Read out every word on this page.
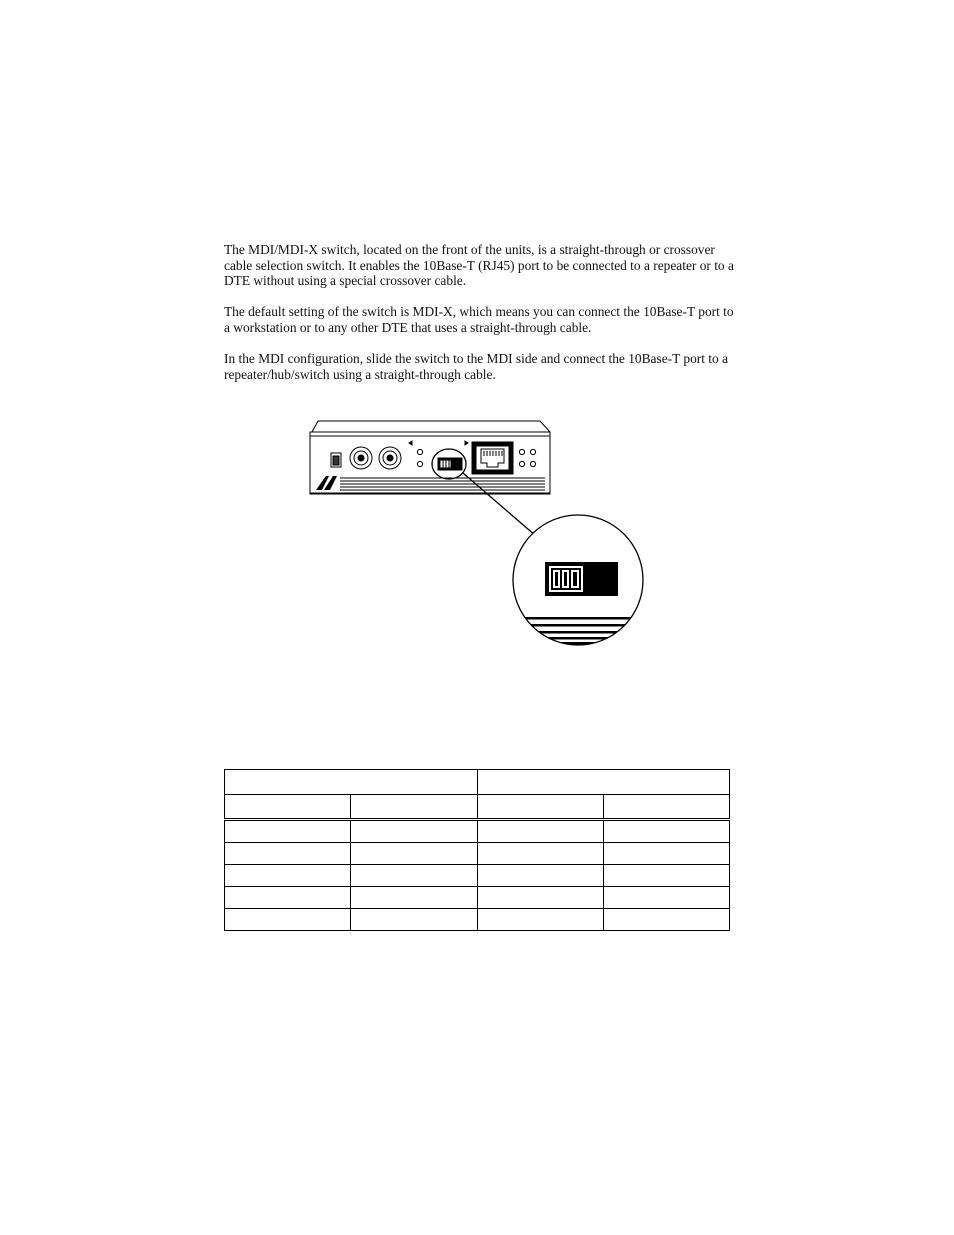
The MDI/MDI-X switch, located on the front of the units, is a straight-through or crossover cable selection switch. It enables the 10Base-T (RJ45) port to be connected to a repeater or to a DTE without using a special crossover cable.

The default setting of the switch is MDI-X, which means you can connect the 10Base-T port to a workstation or to any other DTE that uses a straight-through cable.

In the MDI configuration, slide the switch to the MDI side and connect the 10Base-T port to a repeater/hub/switch using a straight-through cable.
